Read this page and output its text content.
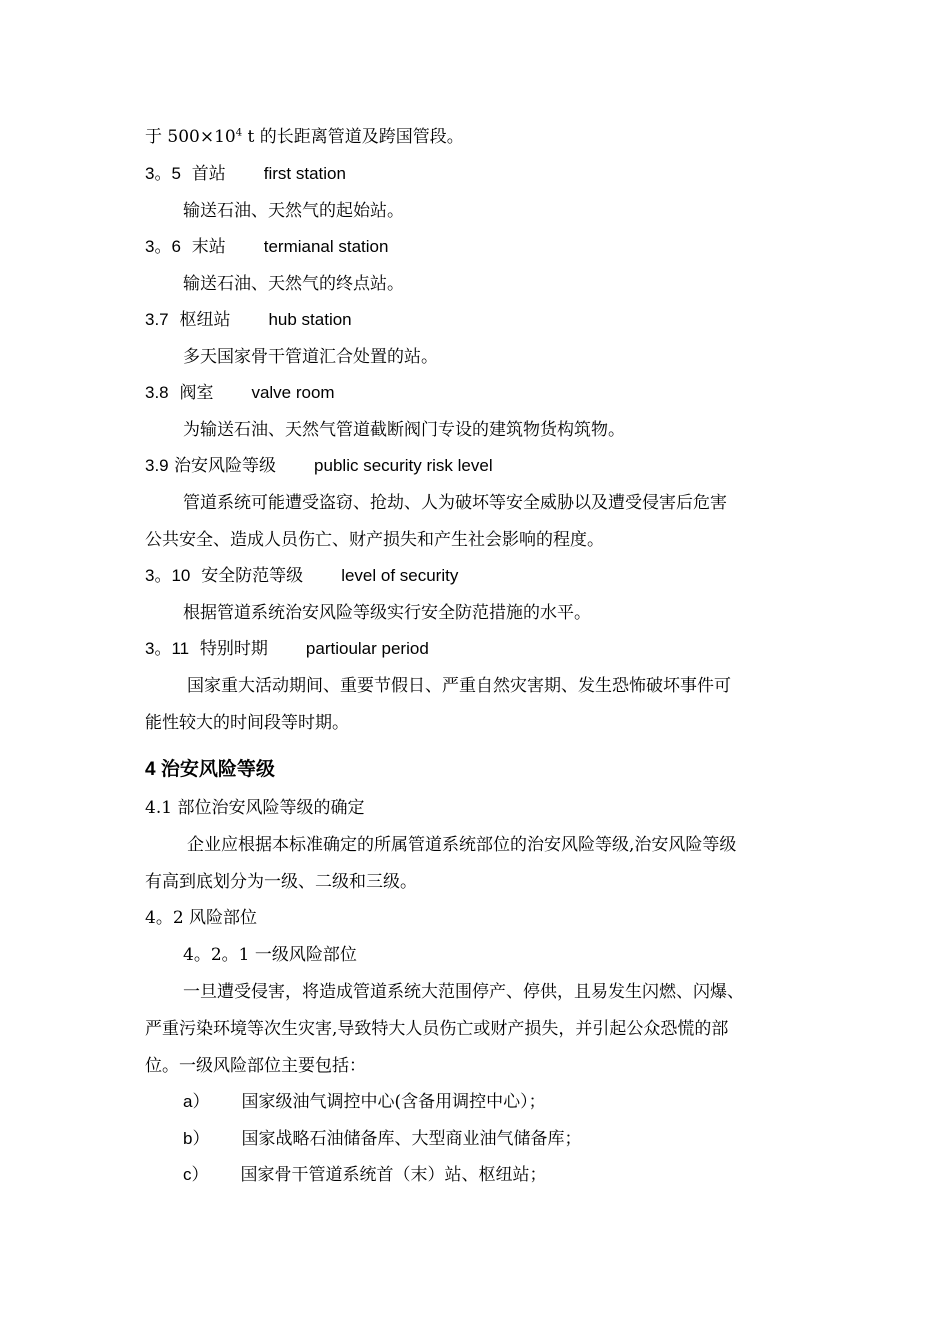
于 $500\times 10^4$ t 的长距离管道及跨国管段。
3。5 首站 first station
输送石油、天然气的起始站。
3。6 末站 termianal station
输送石油、天然气的终点站。
3.7 枢纽站 hub station
多天国家骨干管道汇合处置的站。
3.8 阀室 valve room
为输送石油、天然气管道截断阀门专设的建筑物货构筑物。
3.9 治安风险等级 public security risk level
管道系统可能遭受盗窃、抢劫、人为破坏等安全威胁以及遭受侵害后危害
公共安全、造成人员伤亡、财产损失和产生社会影响的程度。
3。10 安全防范等级 level of security
根据管道系统治安风险等级实行安全防范措施的水平。
3。11 特别时期 partioular period
国家重大活动期间、重要节假日、严重自然灾害期、发生恐怖破坏事件可
能性较大的时间段等时期。
4 治安风险等级
4.1 部位治安风险等级的确定
企业应根据本标准确定的所属管道系统部位的治安风险等级,治安风险等级
有高到底划分为一级、二级和三级。
4。2 风险部位
4。2。1 一级风险部位
一旦遭受侵害，将造成管道系统大范围停产、停供，且易发生闪燃、闪爆、
严重污染环境等次生灾害,导致特大人员伤亡或财产损失，并引起公众恐慌的部
位。一级风险部位主要包括：
a） 国家级油气调控中心(含备用调控中心）；
b） 国家战略石油储备库、大型商业油气储备库；
c） 国家骨干管道系统首（末）站、枢纽站；
